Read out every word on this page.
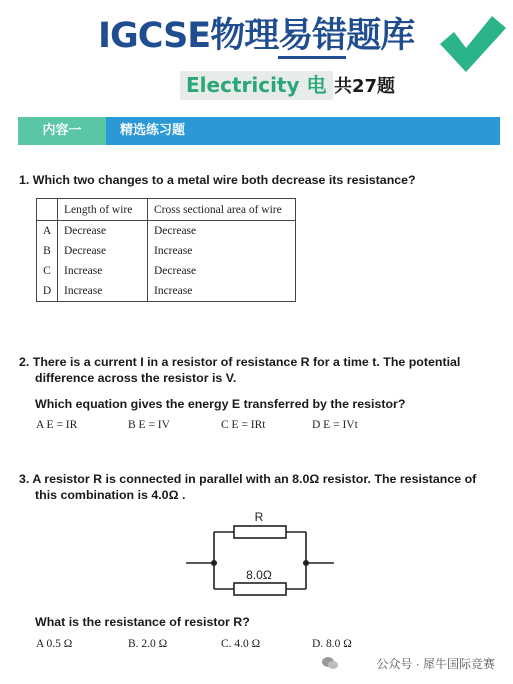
IGCSE物理易错题库
Electricity 电 共27题
内容一	精选练习题
1. Which two changes to a metal wire both decrease its resistance?
	Length of wire	Cross sectional area of wire
A	Decrease	Decrease
B	Decrease	Increase
C	Increase	Decrease
D	Increase	Increase
2. There is a current I in a resistor of resistance R for a time t. The potential
difference across the resistor is V.
Which equation gives the energy E transferred by the resistor?
A E = IR	B E = IV	C E = IRt	D E = IVt
3. A resistor R is connected in parallel with an 8.0Ω resistor. The resistance of
this combination is 4.0Ω .
R
8.0Ω
What is the resistance of resistor R?
A 0.5 Ω	B. 2.0 Ω	C. 4.0 Ω	D. 8.0 Ω
公众号 · 犀牛国际竞赛
